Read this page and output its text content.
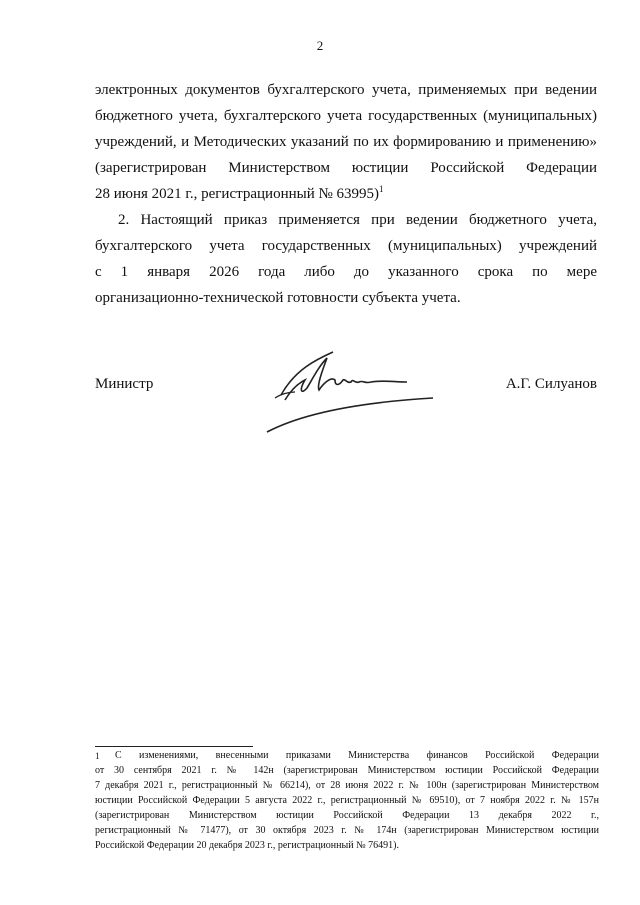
2
электронных документов бухгалтерского учета, применяемых при ведении
бюджетного учета, бухгалтерского учета государственных (муниципальных)
учреждений, и Методических указаний по их формированию и применению»
(зарегистрирован Министерством юстиции Российской Федерации
28 июня 2021 г., регистрационный № 63995)$^1$
2. Настоящий приказ применяется при ведении бюджетного учета,
бухгалтерского учета государственных (муниципальных) учреждений
с 1 января 2026 года либо до указанного срока по мере
организационно-технической готовности субъекта учета.
Министр	А.Г. Силуанов
1 С изменениями, внесенными приказами Министерства финансов Российской Федерации
от 30 сентября 2021 г. № 142н (зарегистрирован Министерством юстиции Российской Федерации
7 декабря 2021 г., регистрационный № 66214), от 28 июня 2022 г. № 100н (зарегистрирован Министерством
юстиции Российской Федерации 5 августа 2022 г., регистрационный № 69510), от 7 ноября 2022 г. № 157н
(зарегистрирован Министерством юстиции Российской Федерации 13 декабря 2022 г.,
регистрационный № 71477), от 30 октября 2023 г. № 174н (зарегистрирован Министерством юстиции
Российской Федерации 20 декабря 2023 г., регистрационный № 76491).
